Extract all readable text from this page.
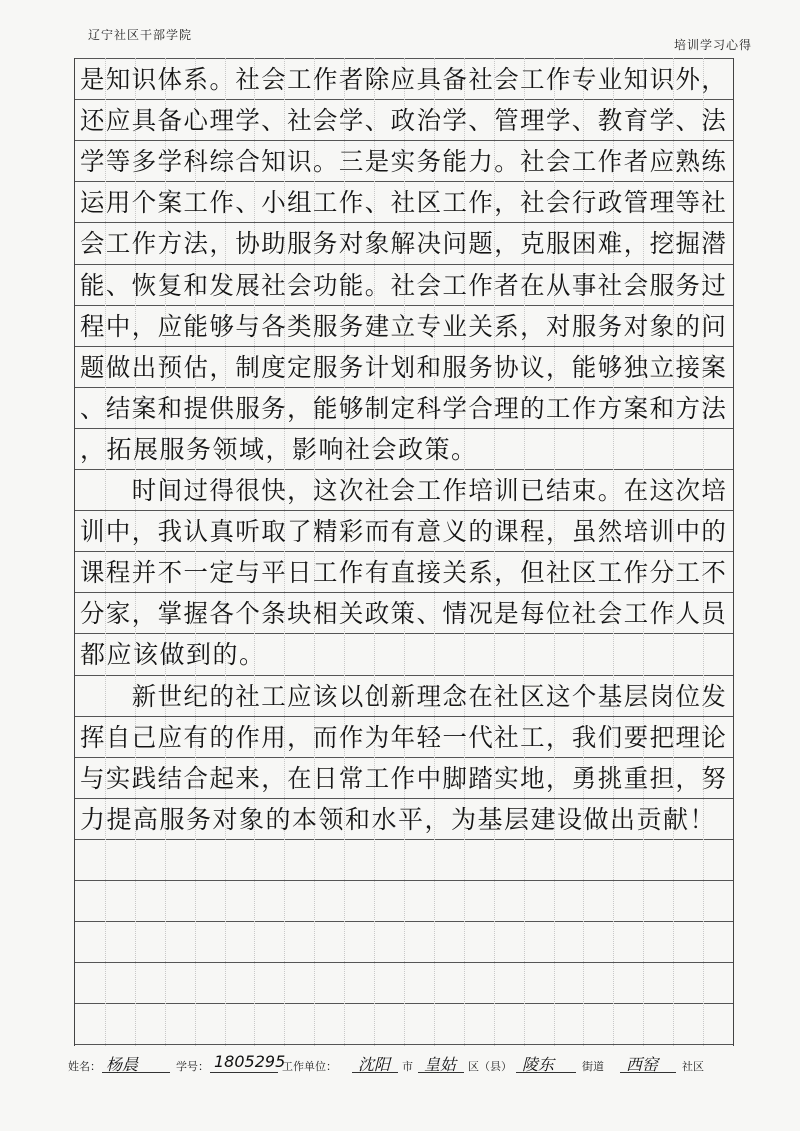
辽宁社区干部学院
培训学习心得
是知识体系。社会工作者除应具备社会工作专业知识外，
还应具备心理学、社会学、政治学、管理学、教育学、法
学等多学科综合知识。三是实务能力。社会工作者应熟练
运用个案工作、小组工作、社区工作，社会行政管理等社
会工作方法，协助服务对象解决问题，克服困难，挖掘潜
能、恢复和发展社会功能。社会工作者在从事社会服务过
程中，应能够与各类服务建立专业关系，对服务对象的问
题做出预估，制度定服务计划和服务协议，能够独立接案
、结案和提供服务，能够制定科学合理的工作方案和方法
，拓展服务领域，影响社会政策。
　　时间过得很快，这次社会工作培训已结束。在这次培
训中，我认真听取了精彩而有意义的课程，虽然培训中的
课程并不一定与平日工作有直接关系，但社区工作分工不
分家，掌握各个条块相关政策、情况是每位社会工作人员
都应该做到的。
　　新世纪的社工应该以创新理念在社区这个基层岗位发
挥自己应有的作用，而作为年轻一代社工，我们要把理论
与实践结合起来，在日常工作中脚踏实地，勇挑重担，努
力提高服务对象的本领和水平，为基层建设做出贡献！
姓名： 杨晨	学号： 1805295
工作单位： 沈阳 市 皇姑 区（县） 陵东	街道 西窑 社区
